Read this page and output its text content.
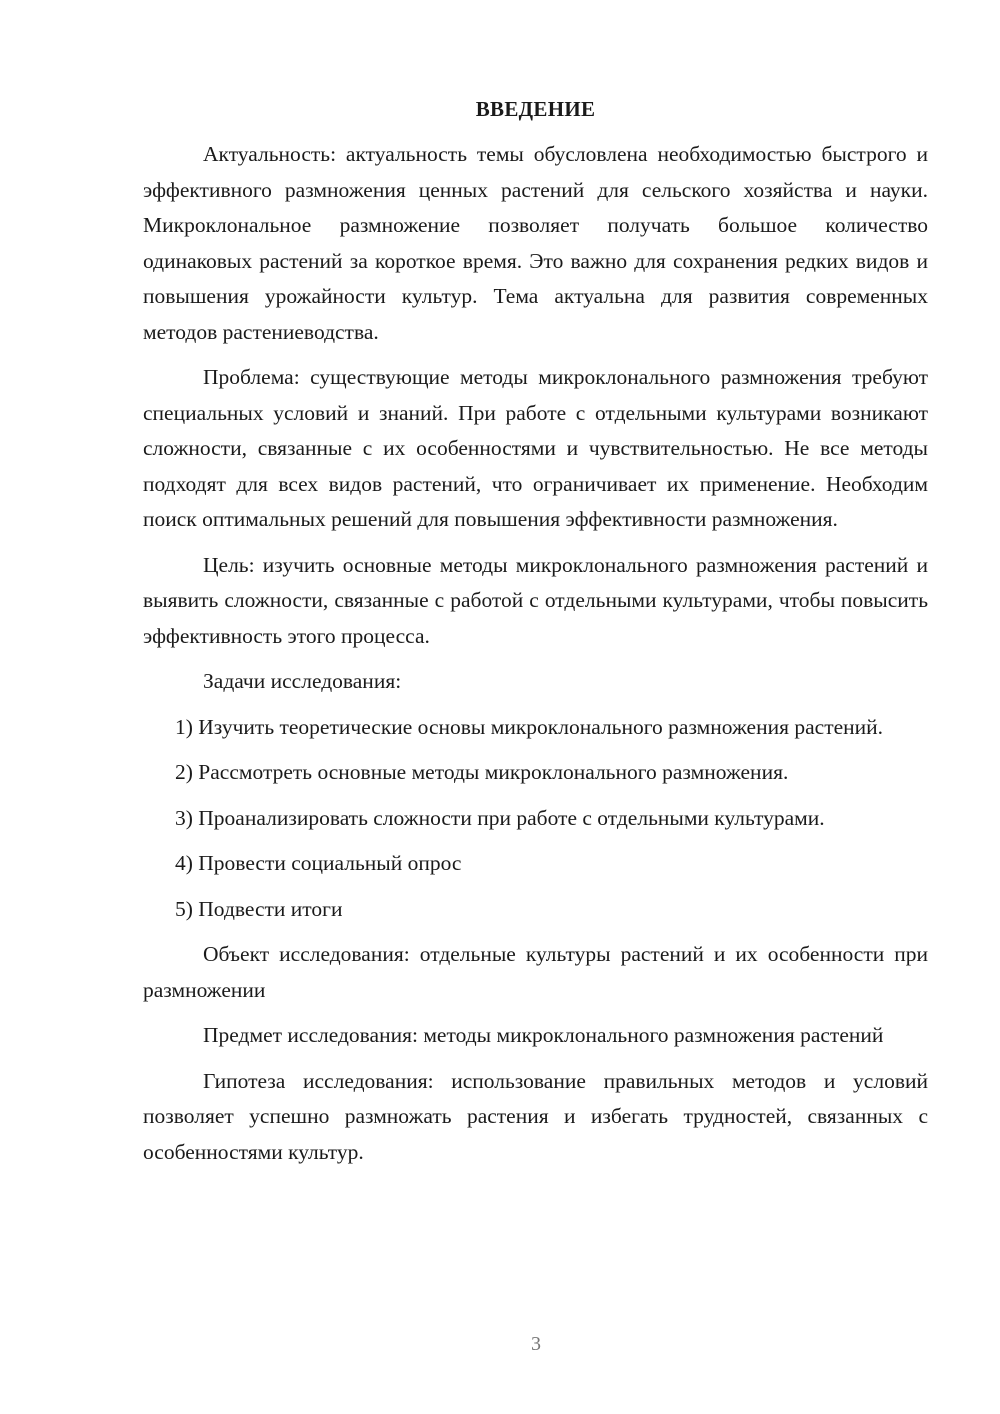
ВВЕДЕНИЕ

Актуальность: актуальность темы обусловлена необходимостью быстрого и эффективного размножения ценных растений для сельского хозяйства и науки. Микроклональное размножение позволяет получать большое количество одинаковых растений за короткое время. Это важно для сохранения редких видов и повышения урожайности культур. Тема актуальна для развития современных методов растениеводства.

Проблема: существующие методы микроклонального размножения требуют специальных условий и знаний. При работе с отдельными культурами возникают сложности, связанные с их особенностями и чувствительностью. Не все методы подходят для всех видов растений, что ограничивает их применение. Необходим поиск оптимальных решений для повышения эффективности размножения.

Цель: изучить основные методы микроклонального размножения растений и выявить сложности, связанные с работой с отдельными культурами, чтобы повысить эффективность этого процесса.

Задачи исследования:

1) Изучить теоретические основы микроклонального размножения растений.

2) Рассмотреть основные методы микроклонального размножения.

3) Проанализировать сложности при работе с отдельными культурами.

4) Провести социальный опрос

5) Подвести итоги

Объект исследования: отдельные культуры растений и их особенности при размножении

Предмет исследования: методы микроклонального размножения растений

Гипотеза исследования: использование правильных методов и условий позволяет успешно размножать растения и избегать трудностей, связанных с особенностями культур.

3
